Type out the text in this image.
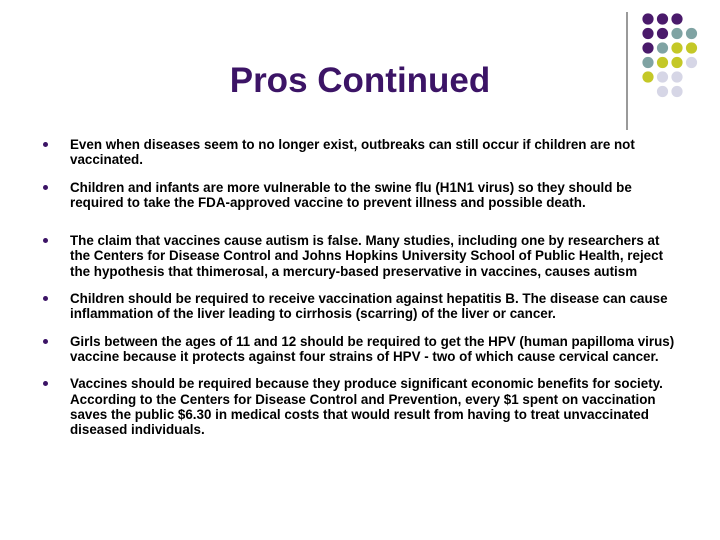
Pros Continued
Even when diseases seem to no longer exist, outbreaks can still occur if children are not vaccinated.
Children and infants are more vulnerable to the swine flu (H1N1 virus) so they should be required to take the FDA-approved vaccine to prevent illness and possible death.
The claim that vaccines cause autism is false. Many studies, including one by researchers at the Centers for Disease Control and Johns Hopkins University School of Public Health, reject the hypothesis that thimerosal, a mercury-based preservative in vaccines, causes autism
Children should be required to receive vaccination against hepatitis B. The disease can cause inflammation of the liver leading to cirrhosis (scarring) of the liver or cancer.
Girls between the ages of 11 and 12 should be required to get the HPV (human papilloma virus) vaccine because it protects against four strains of HPV - two of which cause cervical cancer.
Vaccines should be required because they produce significant economic benefits for society. According to the Centers for Disease Control and Prevention, every $1 spent on vaccination saves the public $6.30 in medical costs that would result from having to treat unvaccinated diseased individuals.
